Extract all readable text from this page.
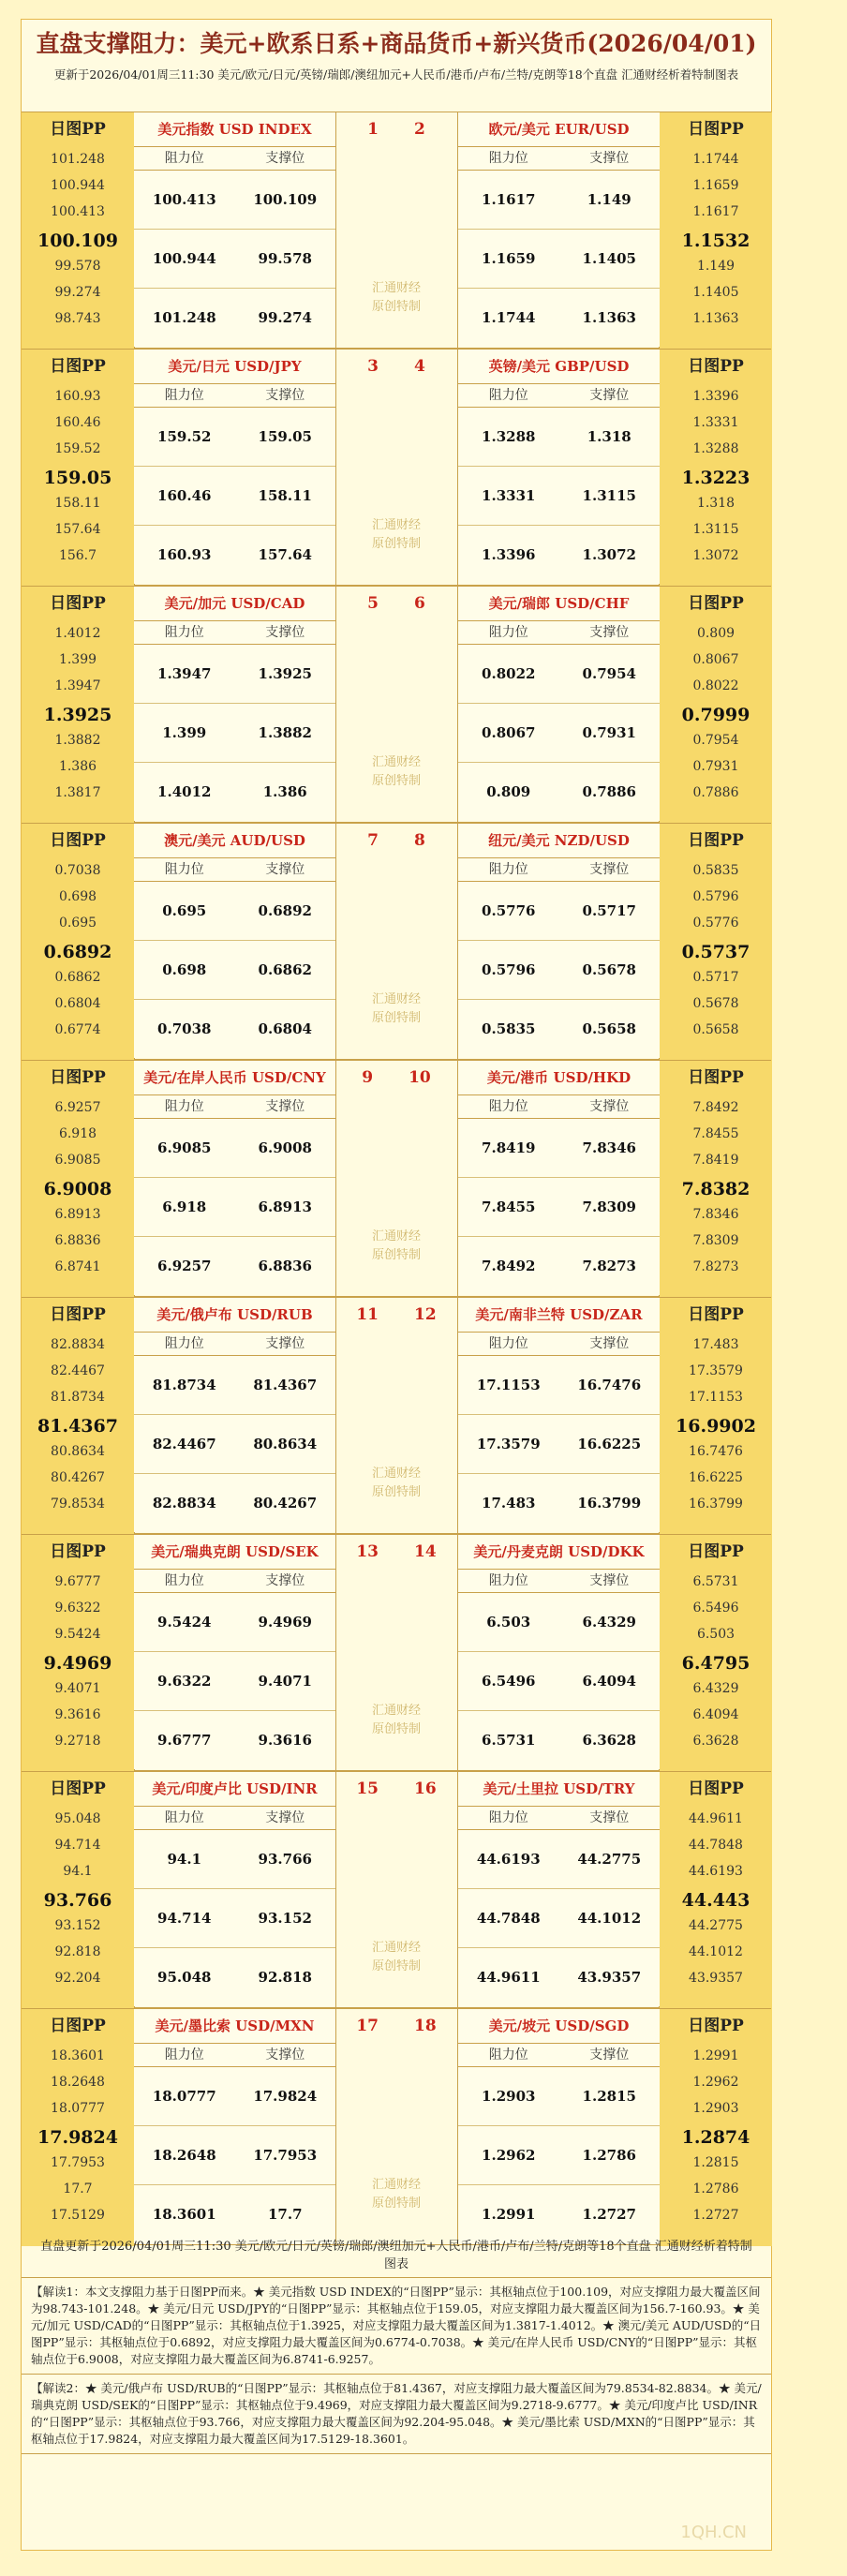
直盘支撑阻力：美元+欧系日系+商品货币+新兴货币(2026/04/01)
更新于2026/04/01周三11:30 美元/欧元/日元/英镑/瑞郎/澳纽加元+人民币/港币/卢布/兰特/克朗等18个直盘 汇通财经析着特制图表
日图PP
101.248
100.944
100.413
100.109
99.578
99.274
98.743
日图PP
1.1744
1.1659
1.1617
1.1532
1.149
1.1405
1.1363
美元指数 USD INDEX
阻力位	支撑位
100.413	100.109
100.944	99.578
101.248	99.274
欧元/美元 EUR/USD
阻力位	支撑位
1.1617	1.149
1.1659	1.1405
1.1744	1.1363
1 2
汇通财经
原创特制
日图PP
160.93
160.46
159.52
159.05
158.11
157.64
156.7
日图PP
1.3396
1.3331
1.3288
1.3223
1.318
1.3115
1.3072
美元/日元 USD/JPY
阻力位	支撑位
159.52	159.05
160.46	158.11
160.93	157.64
英镑/美元 GBP/USD
阻力位	支撑位
1.3288	1.318
1.3331	1.3115
1.3396	1.3072
3 4
汇通财经
原创特制
日图PP
1.4012
1.399
1.3947
1.3925
1.3882
1.386
1.3817
日图PP
0.809
0.8067
0.8022
0.7999
0.7954
0.7931
0.7886
美元/加元 USD/CAD
阻力位	支撑位
1.3947	1.3925
1.399	1.3882
1.4012	1.386
美元/瑞郎 USD/CHF
阻力位	支撑位
0.8022	0.7954
0.8067	0.7931
0.809	0.7886
5 6
汇通财经
原创特制
日图PP
0.7038
0.698
0.695
0.6892
0.6862
0.6804
0.6774
日图PP
0.5835
0.5796
0.5776
0.5737
0.5717
0.5678
0.5658
澳元/美元 AUD/USD
阻力位	支撑位
0.695	0.6892
0.698	0.6862
0.7038	0.6804
纽元/美元 NZD/USD
阻力位	支撑位
0.5776	0.5717
0.5796	0.5678
0.5835	0.5658
7 8
汇通财经
原创特制
日图PP
6.9257
6.918
6.9085
6.9008
6.8913
6.8836
6.8741
日图PP
7.8492
7.8455
7.8419
7.8382
7.8346
7.8309
7.8273
美元/在岸人民币 USD/CNY
阻力位	支撑位
6.9085	6.9008
6.918	6.8913
6.9257	6.8836
美元/港币 USD/HKD
阻力位	支撑位
7.8419	7.8346
7.8455	7.8309
7.8492	7.8273
9 10
汇通财经
原创特制
日图PP
82.8834
82.4467
81.8734
81.4367
80.8634
80.4267
79.8534
日图PP
17.483
17.3579
17.1153
16.9902
16.7476
16.6225
16.3799
美元/俄卢布 USD/RUB
阻力位	支撑位
81.8734	81.4367
82.4467	80.8634
82.8834	80.4267
美元/南非兰特 USD/ZAR
阻力位	支撑位
17.1153	16.7476
17.3579	16.6225
17.483	16.3799
11 12
汇通财经
原创特制
日图PP
9.6777
9.6322
9.5424
9.4969
9.4071
9.3616
9.2718
日图PP
6.5731
6.5496
6.503
6.4795
6.4329
6.4094
6.3628
美元/瑞典克朗 USD/SEK
阻力位	支撑位
9.5424	9.4969
9.6322	9.4071
9.6777	9.3616
美元/丹麦克朗 USD/DKK
阻力位	支撑位
6.503	6.4329
6.5496	6.4094
6.5731	6.3628
13 14
汇通财经
原创特制
日图PP
95.048
94.714
94.1
93.766
93.152
92.818
92.204
日图PP
44.9611
44.7848
44.6193
44.443
44.2775
44.1012
43.9357
美元/印度卢比 USD/INR
阻力位	支撑位
94.1	93.766
94.714	93.152
95.048	92.818
美元/土里拉 USD/TRY
阻力位	支撑位
44.6193	44.2775
44.7848	44.1012
44.9611	43.9357
15 16
汇通财经
原创特制
日图PP
18.3601
18.2648
18.0777
17.9824
17.7953
17.7
17.5129
日图PP
1.2991
1.2962
1.2903
1.2874
1.2815
1.2786
1.2727
美元/墨比索 USD/MXN
阻力位	支撑位
18.0777	17.9824
18.2648	17.7953
18.3601	17.7
美元/坡元 USD/SGD
阻力位	支撑位
1.2903	1.2815
1.2962	1.2786
1.2991	1.2727
17 18
汇通财经
原创特制
直盘更新于2026/04/01周三11:30 美元/欧元/日元/英镑/瑞郎/澳纽加元+人民币/港币/卢布/兰特/克朗等18个直盘 汇通财经析着特制图表
【解读1：本文支撑阻力基于日图PP而来。★ 美元指数 USD INDEX的“日图PP”显示：其枢轴点位于100.109，对应支撑阻力最大覆盖区间为98.743-101.248。★ 美元/日元 USD/JPY的“日图PP”显示：其枢轴点位于159.05，对应支撑阻力最大覆盖区间为156.7-160.93。★ 美元/加元 USD/CAD的“日图PP”显示：其枢轴点位于1.3925，对应支撑阻力最大覆盖区间为1.3817-1.4012。★ 澳元/美元 AUD/USD的“日图PP”显示：其枢轴点位于0.6892，对应支撑阻力最大覆盖区间为0.6774-0.7038。★ 美元/在岸人民币 USD/CNY的“日图PP”显示：其枢轴点位于6.9008，对应支撑阻力最大覆盖区间为6.8741-6.9257。
【解读2：★ 美元/俄卢布 USD/RUB的“日图PP”显示：其枢轴点位于81.4367，对应支撑阻力最大覆盖区间为79.8534-82.8834。★ 美元/瑞典克朗 USD/SEK的“日图PP”显示：其枢轴点位于9.4969，对应支撑阻力最大覆盖区间为9.2718-9.6777。★ 美元/印度卢比 USD/INR的“日图PP”显示：其枢轴点位于93.766，对应支撑阻力最大覆盖区间为92.204-95.048。★ 美元/墨比索 USD/MXN的“日图PP”显示：其枢轴点位于17.9824，对应支撑阻力最大覆盖区间为17.5129-18.3601。
1QH.CN
